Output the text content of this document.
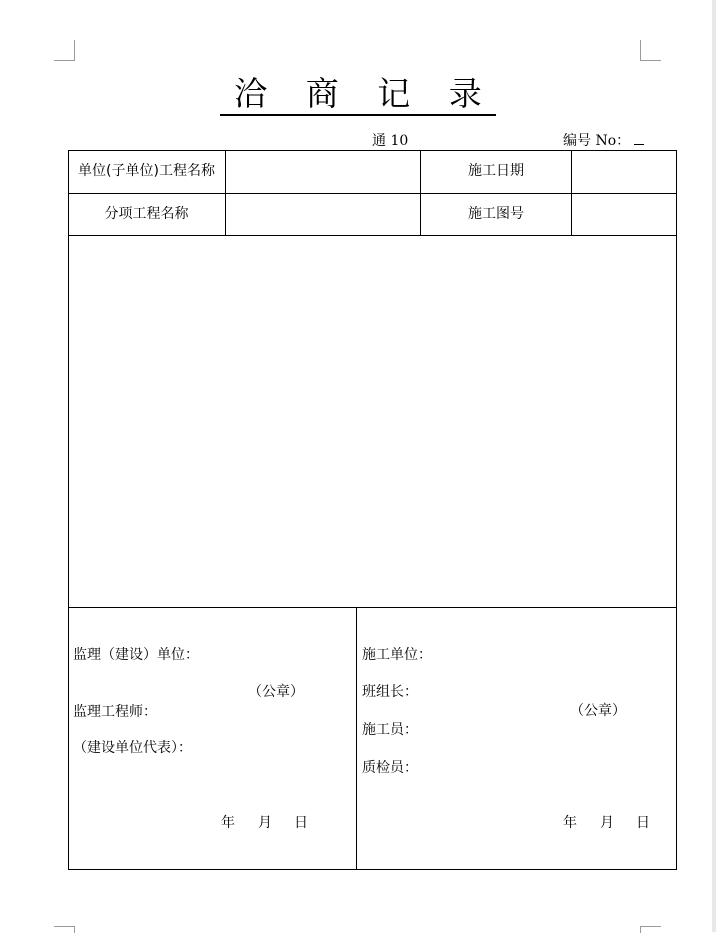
洽 商 记 录
通 10	编号 No：
单位(子单位)工程名称	施工日期
分项工程名称	施工图号
监理（建设）单位：
（公章）
监理工程师：
（建设单位代表）：
年 月 日
施工单位：
班组长：
（公章）
施工员：
质检员：
年 月 日
